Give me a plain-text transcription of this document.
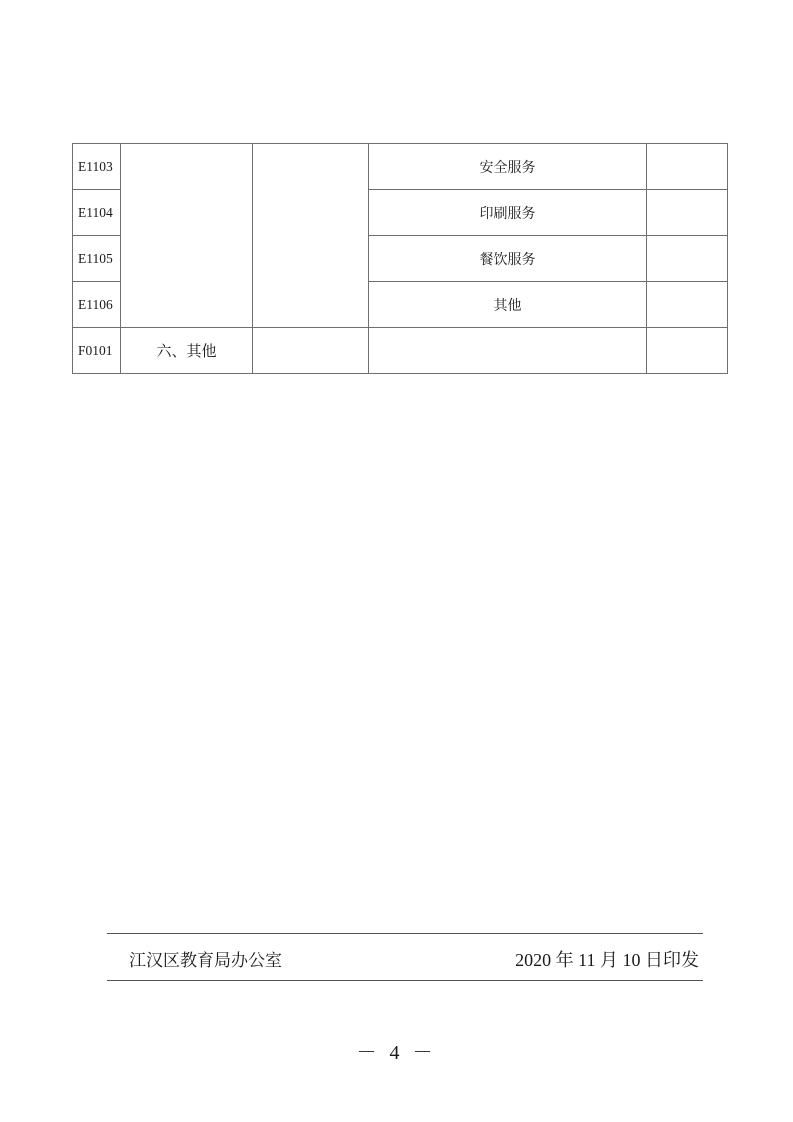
E1103			安全服务	
E1104			印刷服务	
E1105			餐饮服务	
E1106			其他	
F0101	六、其他			
江汉区教育局办公室	2020 年 11 月 10 日印发
－ 4 －
